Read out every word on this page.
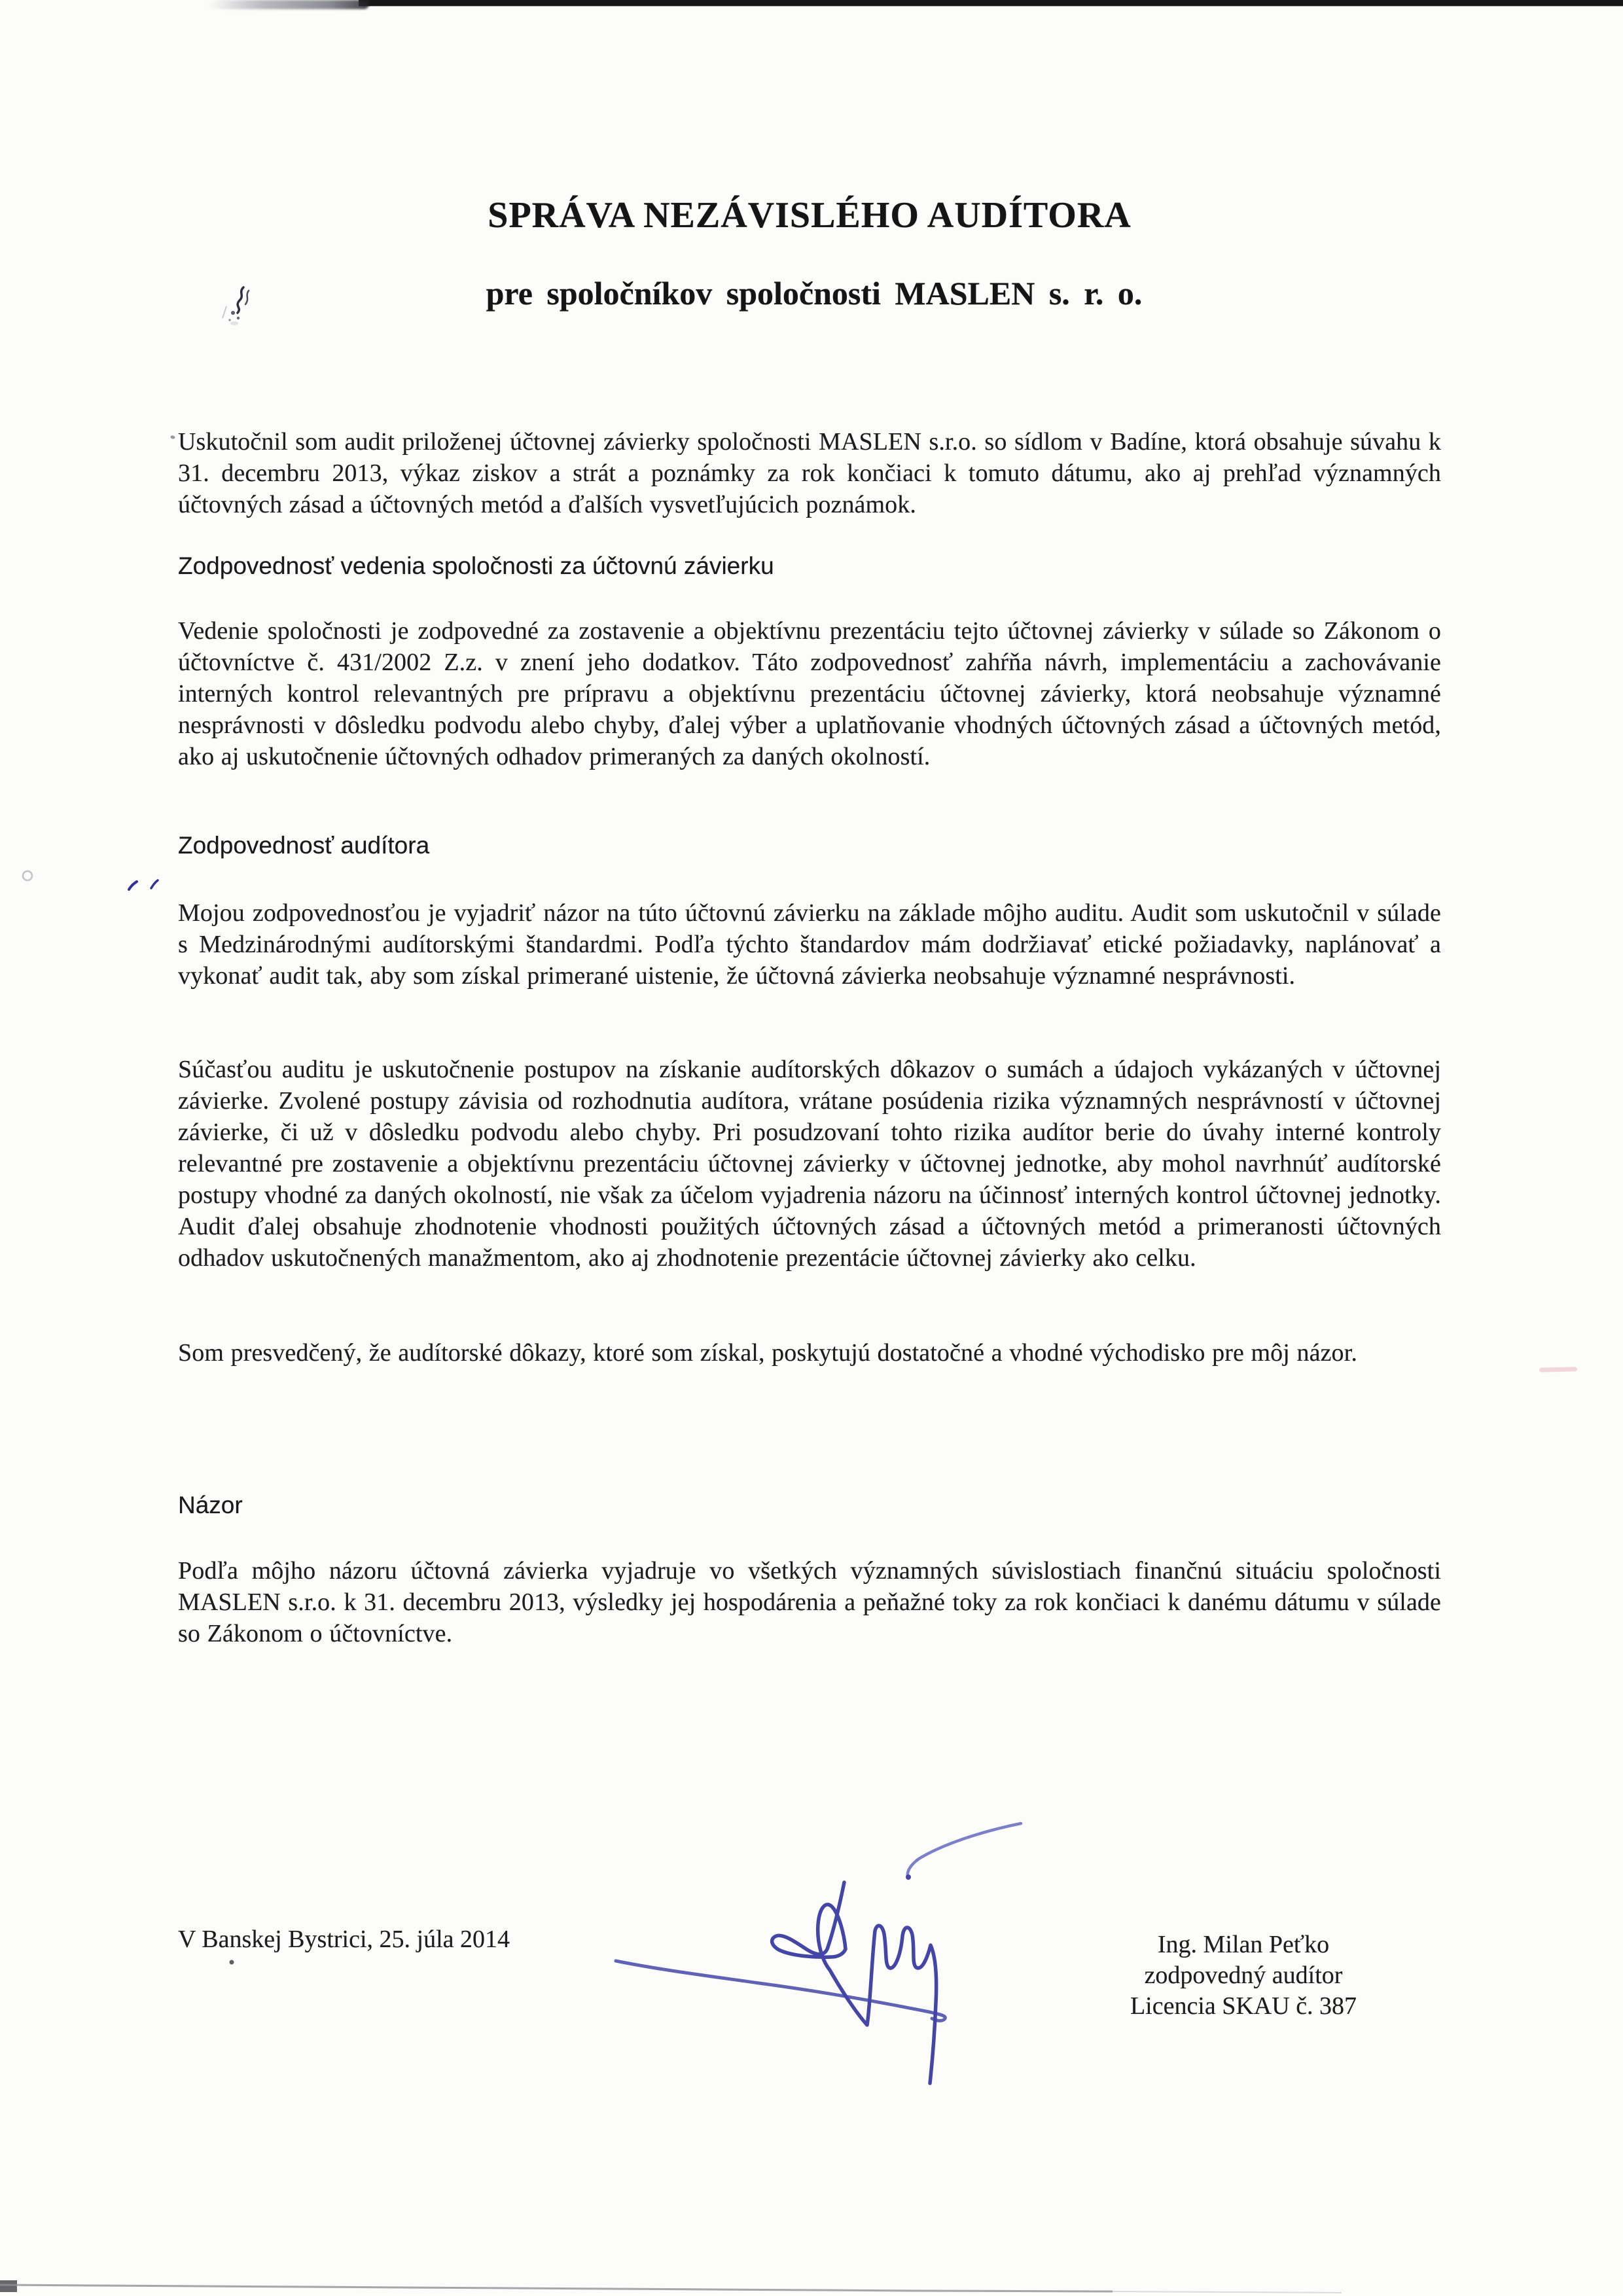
SPRÁVA NEZÁVISLÉHO AUDÍTORA
pre spoločníkov spoločnosti MASLEN s. r. o.
Uskutočnil som audit priloženej účtovnej závierky spoločnosti MASLEN s.r.o. so sídlom v Badíne, ktorá obsahuje súvahu k 31. decembru 2013, výkaz ziskov a strát a poznámky za rok končiaci k tomuto dátumu, ako aj prehľad významných účtovných zásad a účtovných metód a ďalších vysvetľujúcich poznámok.
Zodpovednosť vedenia spoločnosti za účtovnú závierku
Vedenie spoločnosti je zodpovedné za zostavenie a objektívnu prezentáciu tejto účtovnej závierky v súlade so Zákonom o účtovníctve č. 431/2002 Z.z. v znení jeho dodatkov. Táto zodpovednosť zahŕňa návrh, implementáciu a zachovávanie interných kontrol relevantných pre prípravu a objektívnu prezentáciu účtovnej závierky, ktorá neobsahuje významné nesprávnosti v dôsledku podvodu alebo chyby, ďalej výber a uplatňovanie vhodných účtovných zásad a účtovných metód, ako aj uskutočnenie účtovných odhadov primeraných za daných okolností.
Zodpovednosť audítora
Mojou zodpovednosťou je vyjadriť názor na túto účtovnú závierku na základe môjho auditu. Audit som uskutočnil v súlade s Medzinárodnými audítorskými štandardmi. Podľa týchto štandardov mám dodržiavať etické požiadavky, naplánovať a vykonať audit tak, aby som získal primerané uistenie, že účtovná závierka neobsahuje významné nesprávnosti.
Súčasťou auditu je uskutočnenie postupov na získanie audítorských dôkazov o sumách a údajoch vykázaných v účtovnej závierke. Zvolené postupy závisia od rozhodnutia audítora, vrátane posúdenia rizika významných nesprávností v účtovnej závierke, či už v dôsledku podvodu alebo chyby. Pri posudzovaní tohto rizika audítor berie do úvahy interné kontroly relevantné pre zostavenie a objektívnu prezentáciu účtovnej závierky v účtovnej jednotke, aby mohol navrhnúť audítorské postupy vhodné za daných okolností, nie však za účelom vyjadrenia názoru na účinnosť interných kontrol účtovnej jednotky. Audit ďalej obsahuje zhodnotenie vhodnosti použitých účtovných zásad a účtovných metód a primeranosti účtovných odhadov uskutočnených manažmentom, ako aj zhodnotenie prezentácie účtovnej závierky ako celku.
Som presvedčený, že audítorské dôkazy, ktoré som získal, poskytujú dostatočné a vhodné východisko pre môj názor.
Názor
Podľa môjho názoru účtovná závierka vyjadruje vo všetkých významných súvislostiach finančnú situáciu spoločnosti MASLEN s.r.o. k 31. decembru 2013, výsledky jej hospodárenia a peňažné toky za rok končiaci k danému dátumu v súlade so Zákonom o účtovníctve.
V Banskej Bystrici, 25. júla 2014	Ing. Milan Peťko
zodpovedný audítor
Licencia SKAU č. 387
